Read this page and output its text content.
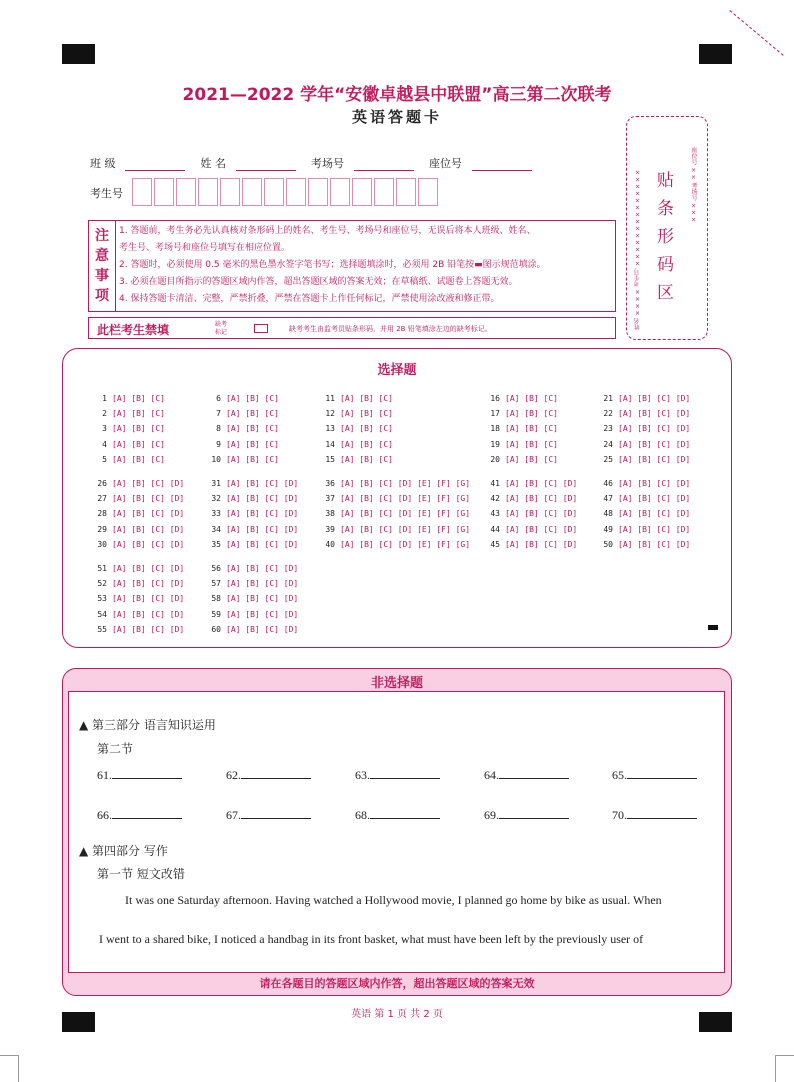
2021—2022 学年“安徽卓越县中联盟”高三第二次联考
英语答题卡
班 级	姓 名	考场号	座位号
考生号
注
意
事
项
1. 答题前，考生务必先认真核对条形码上的姓名、考生号、考场号和座位号，无误后将本人班级、姓名、
考生号、考场号和座位号填写在相应位置。
2. 答题时，必须使用 0.5 毫米的黑色墨水签字笔书写；选择题填涂时，必须用 2B 铅笔按▬图示规范填涂。
3. 必须在题目所指示的答题区域内作答，超出答题区域的答案无效；在草稿纸、试题卷上答题无效。
4. 保持答题卡清洁、完整，严禁折叠，严禁在答题卡上作任何标记，严禁使用涂改液和修正带。
此栏考生禁填	缺考
标记	缺考考生由监考员贴条形码，并用 2B 铅笔填涂左边的缺考标记。
贴
条
形
码
区
姓名 ×××× 考生号 ××××××××××××××	座位号 ×× 考场号 ×××
选择题
1 [A] [B] [C]
2 [A] [B] [C]
3 [A] [B] [C]
4 [A] [B] [C]
5 [A] [B] [C]
6 [A] [B] [C]
7 [A] [B] [C]
8 [A] [B] [C]
9 [A] [B] [C]
10 [A] [B] [C]
11 [A] [B] [C]
12 [A] [B] [C]
13 [A] [B] [C]
14 [A] [B] [C]
15 [A] [B] [C]
16 [A] [B] [C]
17 [A] [B] [C]
18 [A] [B] [C]
19 [A] [B] [C]
20 [A] [B] [C]
21 [A] [B] [C] [D]
22 [A] [B] [C] [D]
23 [A] [B] [C] [D]
24 [A] [B] [C] [D]
25 [A] [B] [C] [D]
26 [A] [B] [C] [D]
27 [A] [B] [C] [D]
28 [A] [B] [C] [D]
29 [A] [B] [C] [D]
30 [A] [B] [C] [D]
31 [A] [B] [C] [D]
32 [A] [B] [C] [D]
33 [A] [B] [C] [D]
34 [A] [B] [C] [D]
35 [A] [B] [C] [D]
36 [A] [B] [C] [D] [E] [F] [G]
37 [A] [B] [C] [D] [E] [F] [G]
38 [A] [B] [C] [D] [E] [F] [G]
39 [A] [B] [C] [D] [E] [F] [G]
40 [A] [B] [C] [D] [E] [F] [G]
41 [A] [B] [C] [D]
42 [A] [B] [C] [D]
43 [A] [B] [C] [D]
44 [A] [B] [C] [D]
45 [A] [B] [C] [D]
46 [A] [B] [C] [D]
47 [A] [B] [C] [D]
48 [A] [B] [C] [D]
49 [A] [B] [C] [D]
50 [A] [B] [C] [D]
51 [A] [B] [C] [D]
52 [A] [B] [C] [D]
53 [A] [B] [C] [D]
54 [A] [B] [C] [D]
55 [A] [B] [C] [D]
56 [A] [B] [C] [D]
57 [A] [B] [C] [D]
58 [A] [B] [C] [D]
59 [A] [B] [C] [D]
60 [A] [B] [C] [D]
非选择题
▲ 第三部分 语言知识运用
第二节
61.	62.	63.	64.	65.
66.	67.	68.	69.	70.
▲ 第四部分 写作
第一节 短文改错
It was one Saturday afternoon. Having watched a Hollywood movie, I planned go home by bike as usual. When
I went to a shared bike, I noticed a handbag in its front basket, what must have been left by the previously user of
请在各题目的答题区域内作答，超出答题区域的答案无效
英语 第 1 页 共 2 页
